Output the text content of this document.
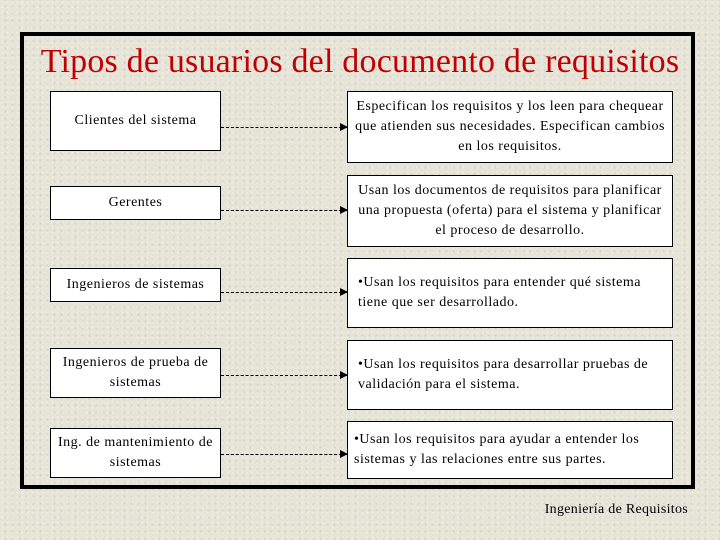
Tipos de usuarios del documento de requisitos
Clientes del sistema
Especifican los requisitos y los leen para chequear que atienden sus necesidades. Especifican cambios en los requisitos.
Gerentes
Usan los documentos de requisitos para planificar una propuesta (oferta) para el sistema y planificar el proceso de desarrollo.
Ingenieros de sistemas	•Usan los requisitos para entender qué sistema tiene que ser desarrollado.
Ingenieros de prueba de sistemas
•Usan los requisitos para desarrollar pruebas de validación para el sistema.
Ing. de mantenimiento de sistemas
•Usan los requisitos para ayudar a entender los sistemas y las relaciones entre sus partes.
Ingeniería de Requisitos
